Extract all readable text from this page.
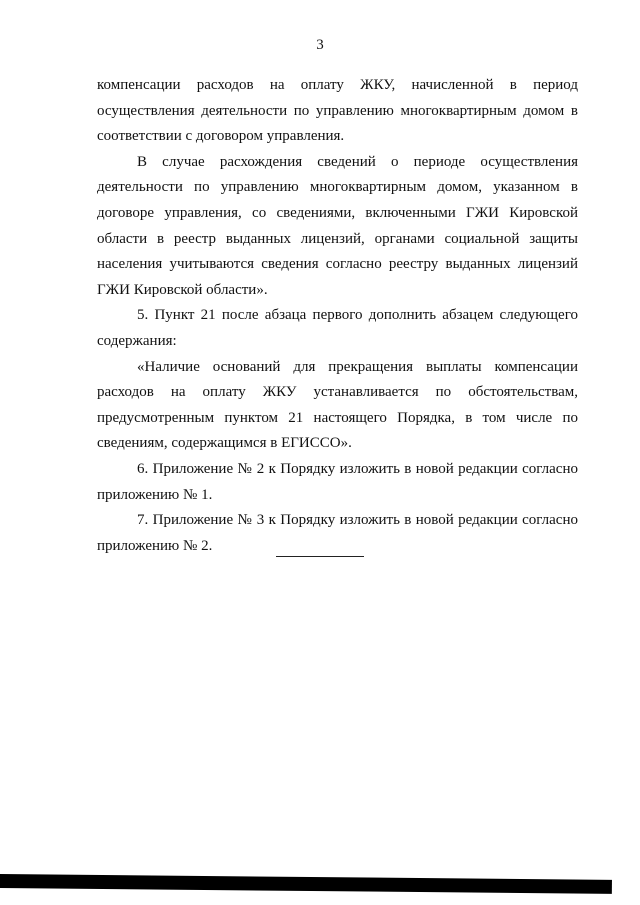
3

компенсации расходов на оплату ЖКУ, начисленной в период осуществления деятельности по управлению многоквартирным домом в соответствии с договором управления.

В случае расхождения сведений о периоде осуществления деятельности по управлению многоквартирным домом, указанном в договоре управления, со сведениями, включенными ГЖИ Кировской области в реестр выданных лицензий, органами социальной защиты населения учитываются сведения согласно реестру выданных лицензий ГЖИ Кировской области».

5. Пункт 21 после абзаца первого дополнить абзацем следующего содержания:

«Наличие оснований для прекращения выплаты компенсации расходов на оплату ЖКУ устанавливается по обстоятельствам, предусмотренным пунктом 21 настоящего Порядка, в том числе по сведениям, содержащимся в ЕГИССО».

6. Приложение № 2 к Порядку изложить в новой редакции согласно приложению № 1.

7. Приложение № 3 к Порядку изложить в новой редакции согласно приложению № 2.
